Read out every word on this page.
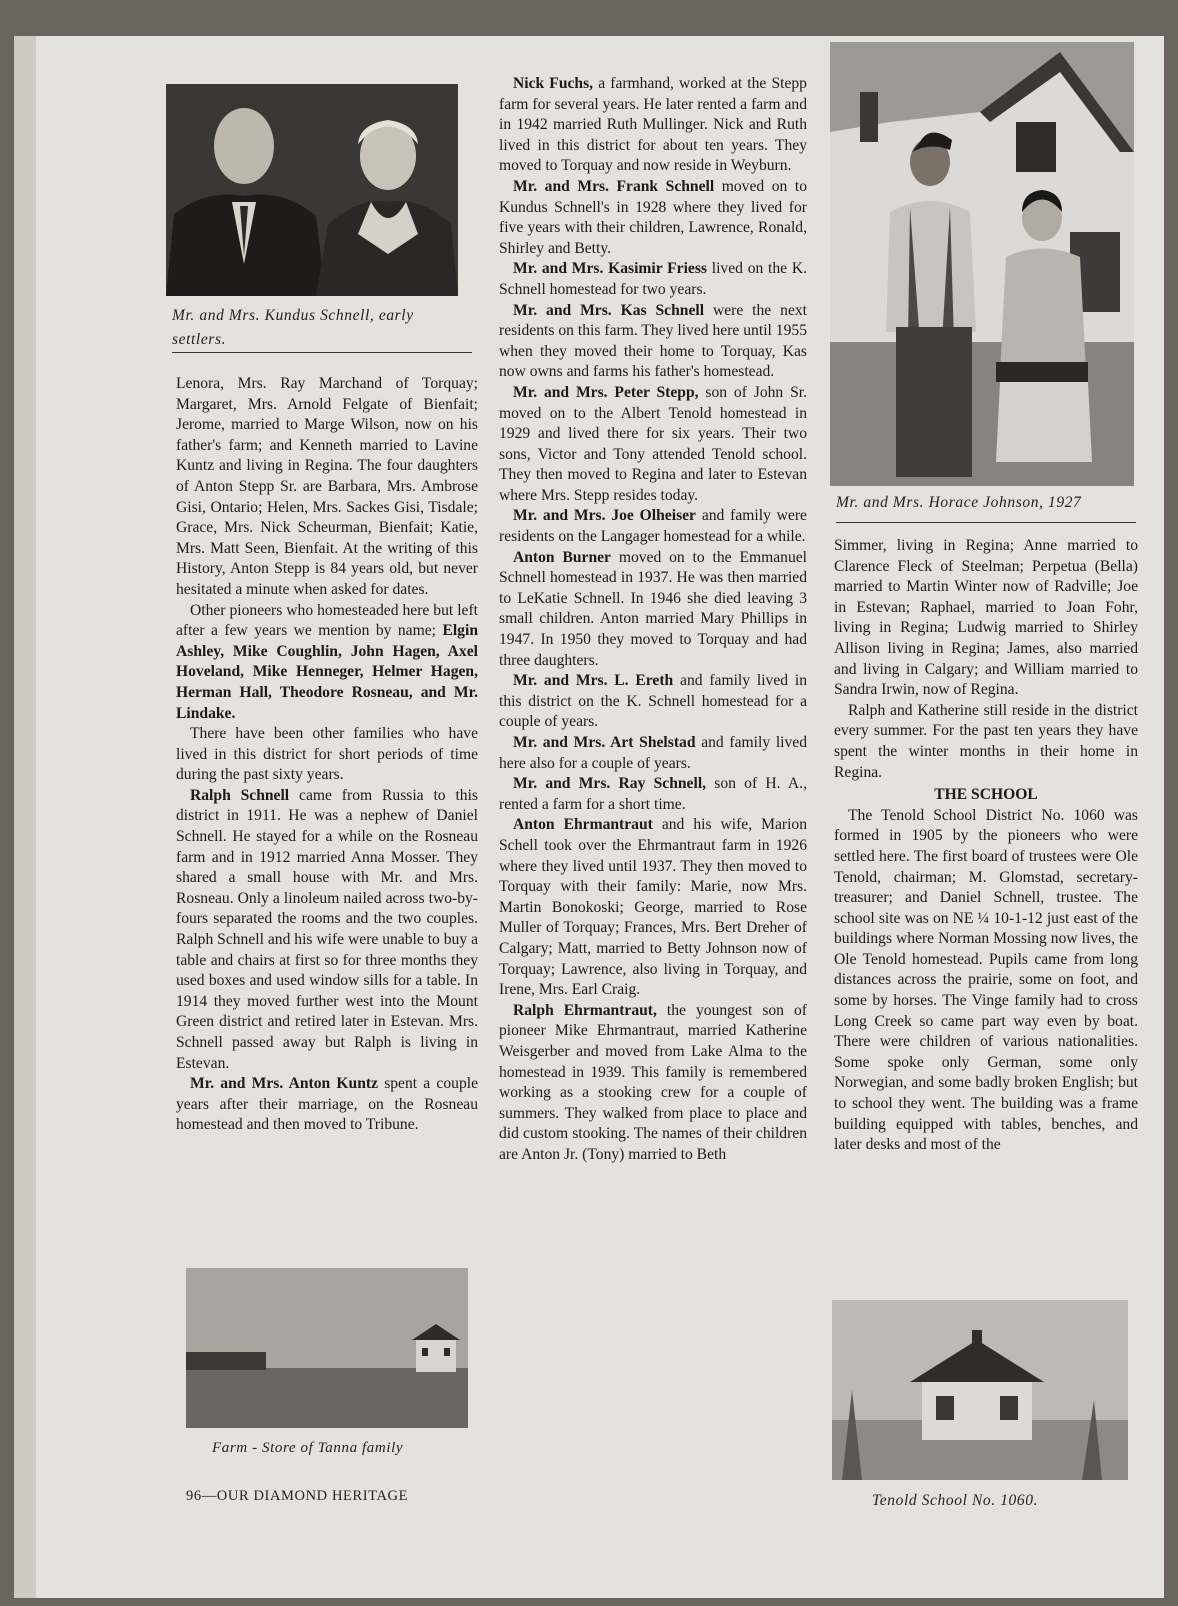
Mr. and Mrs. Kundus Schnell, early settlers.

Lenora, Mrs. Ray Marchand of Torquay; Margaret, Mrs. Arnold Felgate of Bienfait; Jerome, married to Marge Wilson, now on his father's farm; and Kenneth married to Lavine Kuntz and living in Regina. The four daughters of Anton Stepp Sr. are Barbara, Mrs. Ambrose Gisi, Ontario; Helen, Mrs. Sackes Gisi, Tisdale; Grace, Mrs. Nick Scheurman, Bienfait; Katie, Mrs. Matt Seen, Bienfait. At the writing of this History, Anton Stepp is 84 years old, but never hesitated a minute when asked for dates.

Other pioneers who homesteaded here but left after a few years we mention by name; Elgin Ashley, Mike Coughlin, John Hagen, Axel Hoveland, Mike Henneger, Helmer Hagen, Herman Hall, Theodore Rosneau, and Mr. Lindake.

There have been other families who have lived in this district for short periods of time during the past sixty years.

Ralph Schnell came from Russia to this district in 1911. He was a nephew of Daniel Schnell. He stayed for a while on the Rosneau farm and in 1912 married Anna Mosser. They shared a small house with Mr. and Mrs. Rosneau. Only a linoleum nailed across two-by-fours separated the rooms and the two couples. Ralph Schnell and his wife were unable to buy a table and chairs at first so for three months they used boxes and used window sills for a table. In 1914 they moved further west into the Mount Green district and retired later in Estevan. Mrs. Schnell passed away but Ralph is living in Estevan.

Mr. and Mrs. Anton Kuntz spent a couple years after their marriage, on the Rosneau homestead and then moved to Tribune.

Farm - Store of Tanna family
96—OUR DIAMOND HERITAGE

Nick Fuchs, a farmhand, worked at the Stepp farm for several years. He later rented a farm and in 1942 married Ruth Mullinger. Nick and Ruth lived in this district for about ten years. They moved to Torquay and now reside in Weyburn.

Mr. and Mrs. Frank Schnell moved on to Kundus Schnell's in 1928 where they lived for five years with their children, Lawrence, Ronald, Shirley and Betty.

Mr. and Mrs. Kasimir Friess lived on the K. Schnell homestead for two years.

Mr. and Mrs. Kas Schnell were the next residents on this farm. They lived here until 1955 when they moved their home to Torquay, Kas now owns and farms his father's homestead.

Mr. and Mrs. Peter Stepp, son of John Sr. moved on to the Albert Tenold homestead in 1929 and lived there for six years. Their two sons, Victor and Tony attended Tenold school. They then moved to Regina and later to Estevan where Mrs. Stepp resides today.

Mr. and Mrs. Joe Olheiser and family were residents on the Langager homestead for a while.

Anton Burner moved on to the Emmanuel Schnell homestead in 1937. He was then married to LeKatie Schnell. In 1946 she died leaving 3 small children. Anton married Mary Phillips in 1947. In 1950 they moved to Torquay and had three daughters.

Mr. and Mrs. L. Ereth and family lived in this district on the K. Schnell homestead for a couple of years.

Mr. and Mrs. Art Shelstad and family lived here also for a couple of years.

Mr. and Mrs. Ray Schnell, son of H. A., rented a farm for a short time.

Anton Ehrmantraut and his wife, Marion Schell took over the Ehrmantraut farm in 1926 where they lived until 1937. They then moved to Torquay with their family: Marie, now Mrs. Martin Bonokoski; George, married to Rose Muller of Torquay; Frances, Mrs. Bert Dreher of Calgary; Matt, married to Betty Johnson now of Torquay; Lawrence, also living in Torquay, and Irene, Mrs. Earl Craig.

Ralph Ehrmantraut, the youngest son of pioneer Mike Ehrmantraut, married Katherine Weisgerber and moved from Lake Alma to the homestead in 1939. This family is remembered working as a stooking crew for a couple of summers. They walked from place to place and did custom stooking. The names of their children are Anton Jr. (Tony) married to Beth

Mr. and Mrs. Horace Johnson, 1927

Simmer, living in Regina; Anne married to Clarence Fleck of Steelman; Perpetua (Bella) married to Martin Winter now of Radville; Joe in Estevan; Raphael, married to Joan Fohr, living in Regina; Ludwig married to Shirley Allison living in Regina; James, also married and living in Calgary; and William married to Sandra Irwin, now of Regina.

Ralph and Katherine still reside in the district every summer. For the past ten years they have spent the winter months in their home in Regina.

THE SCHOOL

The Tenold School District No. 1060 was formed in 1905 by the pioneers who were settled here. The first board of trustees were Ole Tenold, chairman; M. Glomstad, secretary-treasurer; and Daniel Schnell, trustee. The school site was on NE ¼ 10-1-12 just east of the buildings where Norman Mossing now lives, the Ole Tenold homestead. Pupils came from long distances across the prairie, some on foot, and some by horses. The Vinge family had to cross Long Creek so came part way even by boat. There were children of various nationalities. Some spoke only German, some only Norwegian, and some badly broken English; but to school they went. The building was a frame building equipped with tables, benches, and later desks and most of the

Tenold School No. 1060.
